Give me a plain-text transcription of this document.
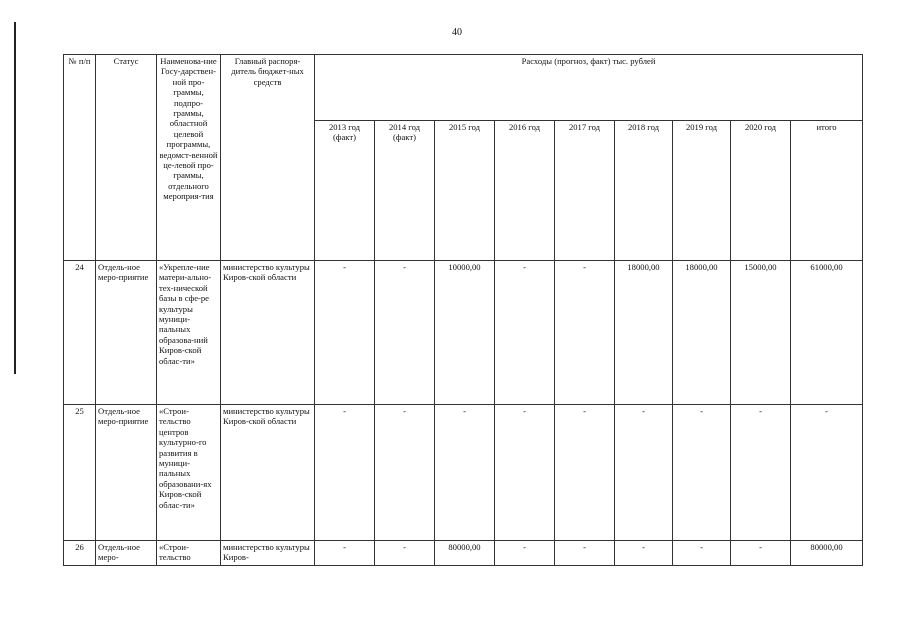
40
№ п/п	Статус	Наименова-ние Госу-дарствен-ной про-граммы, подпро-граммы, областной целевой программы, ведомст-венной це-левой про-граммы, отдельного мероприя-тия	Главный распоря-дитель бюджет-ных средств	Расходы (прогноз, факт) тыс. рублей								
				2013 год (факт)	2014 год (факт)	2015 год	2016 год	2017 год	2018 год	2019 год	2020 год	итого
24	Отдель-ное меро-приятие	«Укрепле-ние матери-ально-тех-нической базы в сфе-ре культуры муници-пальных образова-ний Киров-ской облас-ти»	министерство культуры Киров-ской области	-	-	10000,00	-	-	18000,00	18000,00	15000,00	61000,00
25	Отдель-ное меро-приятие	«Строи-тельство центров культурно-го развития в муници-пальных образовани-ях Киров-ской облас-ти»	министерство культуры Киров-ской области	-	-	-	-	-	-	-	-	-
26	Отдель-ное меро-	«Строи-тельство	министерство культуры Киров-	-	-	80000,00	-	-	-	-	-	80000,00
